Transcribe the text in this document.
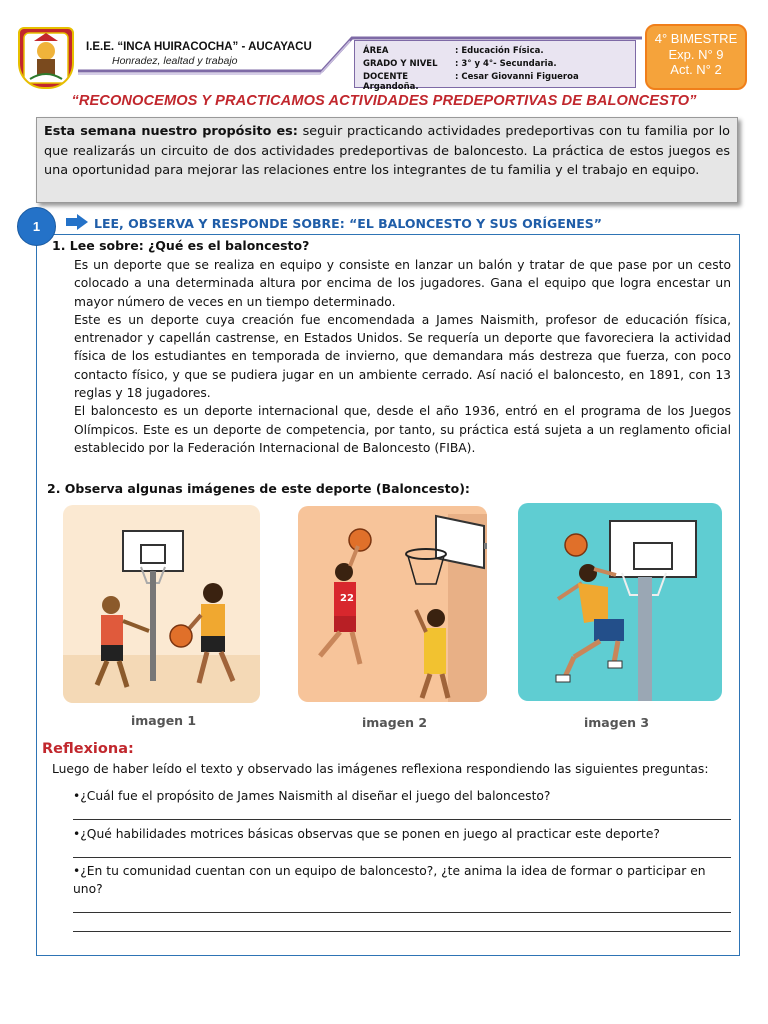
I.E.E. “INCA HUIRACOCHA” - AUCAYACU
Honradez, lealtad y trabajo
ÁREA	: Educación Física.
GRADO Y NIVEL : 3° y 4°- Secundaria.
DOCENTE	: Cesar Giovanni Figueroa Argandoña.
4° BIMESTRE
Exp. N° 9
Act. N° 2
“RECONOCEMOS Y PRACTICAMOS ACTIVIDADES PREDEPORTIVAS DE BALONCESTO”
Esta semana nuestro propósito es: seguir practicando actividades predeportivas con tu familia por lo que realizarás un circuito de dos actividades predeportivas de baloncesto. La práctica de estos juegos es una oportunidad para mejorar las relaciones entre los integrantes de tu familia y el trabajo en equipo.
1	LEE, OBSERVA Y RESPONDE SOBRE: “EL BALONCESTO Y SUS ORÍGENES”
1. Lee sobre: ¿Qué es el baloncesto?

Es un deporte que se realiza en equipo y consiste en lanzar un balón y tratar de que pase por un cesto colocado a una determinada altura por encima de los jugadores. Gana el equipo que logra encestar un mayor número de veces en un tiempo determinado.

Este es un deporte cuya creación fue encomendada a James Naismith, profesor de educación física, entrenador y capellán castrense, en Estados Unidos. Se requería un deporte que favoreciera la actividad física de los estudiantes en temporada de invierno, que demandara más destreza que fuerza, con poco contacto físico, y que se pudiera jugar en un ambiente cerrado. Así nació el baloncesto, en 1891, con 13 reglas y 18 jugadores.

El baloncesto es un deporte internacional que, desde el año 1936, entró en el programa de los Juegos Olímpicos. Este es un deporte de competencia, por tanto, su práctica está sujeta a un reglamento oficial establecido por la Federación Internacional de Baloncesto (FIBA).

2. Observa algunas imágenes de este deporte (Baloncesto):
imagen 1
22
imagen 2	imagen 3
Reflexiona:
Luego de haber leído el texto y observado las imágenes reflexiona respondiendo las siguientes preguntas:
•¿Cuál fue el propósito de James Naismith al diseñar el juego del baloncesto?
•¿Qué habilidades motrices básicas observas que se ponen en juego al practicar este deporte?
•¿En tu comunidad cuentan con un equipo de baloncesto?, ¿te anima la idea de formar o participar en uno?
